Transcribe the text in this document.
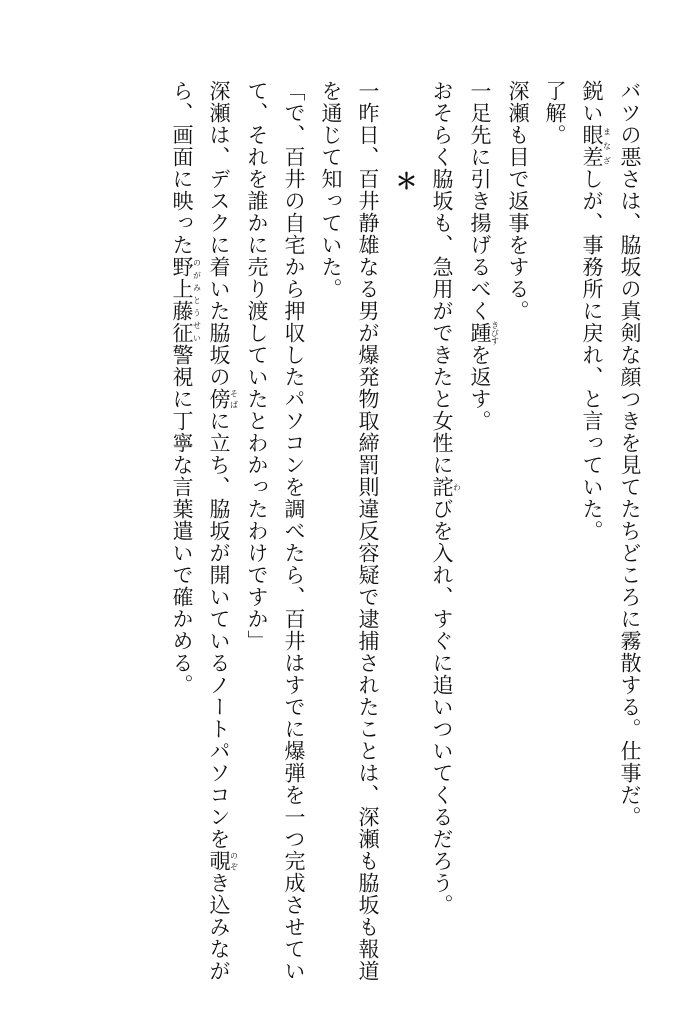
バツの悪さは、脇坂の真剣な顔つきを見てたちどころに霧散する。仕事だ。

鋭い眼差まなざしが、事務所に戻れ、と言っていた。

了解。

深瀬も目で返事をする。

一足先に引き揚げるべく踵きびすを返す。

おそらく脇坂も、急用ができたと女性に詫わびを入れ、すぐに追いついてくるだろう。

＊

一昨日、百井静雄なる男が爆発物取締罰則違反容疑で逮捕されたことは、深瀬も脇坂も報道を通じて知っていた。

「で、百井の自宅から押収したパソコンを調べたら、百井はすでに爆弾を一つ完成させていて、それを誰かに売り渡していたとわかったわけですか」

深瀬は、デスクに着いた脇坂の傍そばに立ち、脇坂が開いているノートパソコンを覗のぞき込みながら、画面に映った野上藤征のがみとうせい警視に丁寧な言葉遣いで確かめる。
